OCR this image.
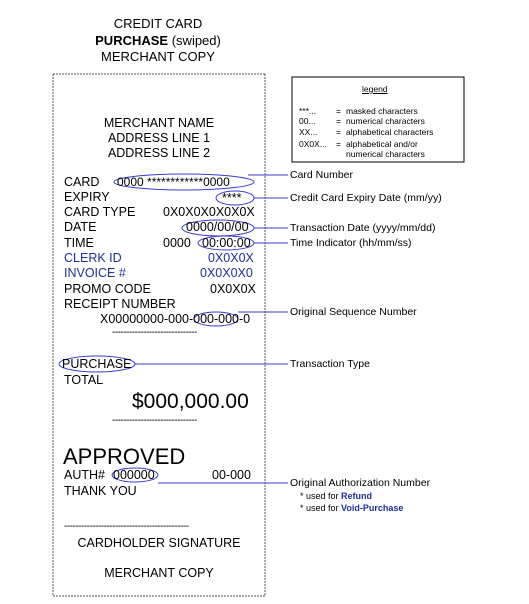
CREDIT CARD
PURCHASE (swiped)
MERCHANT COPY
legend
***... = masked characters
00... = numerical characters
XX... = alphabetical characters
0X0X... = alphabetical and/or
numerical characters
MERCHANT NAME
ADDRESS LINE 1
ADDRESS LINE 2
CARD 0000 ************0000
EXPIRY	****
CARD TYPE 0X0X0X0X0X0X
DATE	0000/00/00
TIME	0000 00:00:00
CLERK ID	0X0X0X
INVOICE #	0X0X0X0
PROMO CODE	0X0X0X
RECEIPT NUMBER
X00000000-000-000-000-0
------------------------------
PURCHASE
TOTAL
$000,000.00
------------------------------
APPROVED
AUTH# 000000	00-000
THANK YOU
--------------------------------------------
CARDHOLDER SIGNATURE
MERCHANT COPY
Card Number
Credit Card Expiry Date (mm/yy)
Transaction Date (yyyy/mm/dd)
Time Indicator (hh/mm/ss)
Original Sequence Number
Transaction Type
Original Authorization Number
* used for Refund
* used for Void-Purchase
